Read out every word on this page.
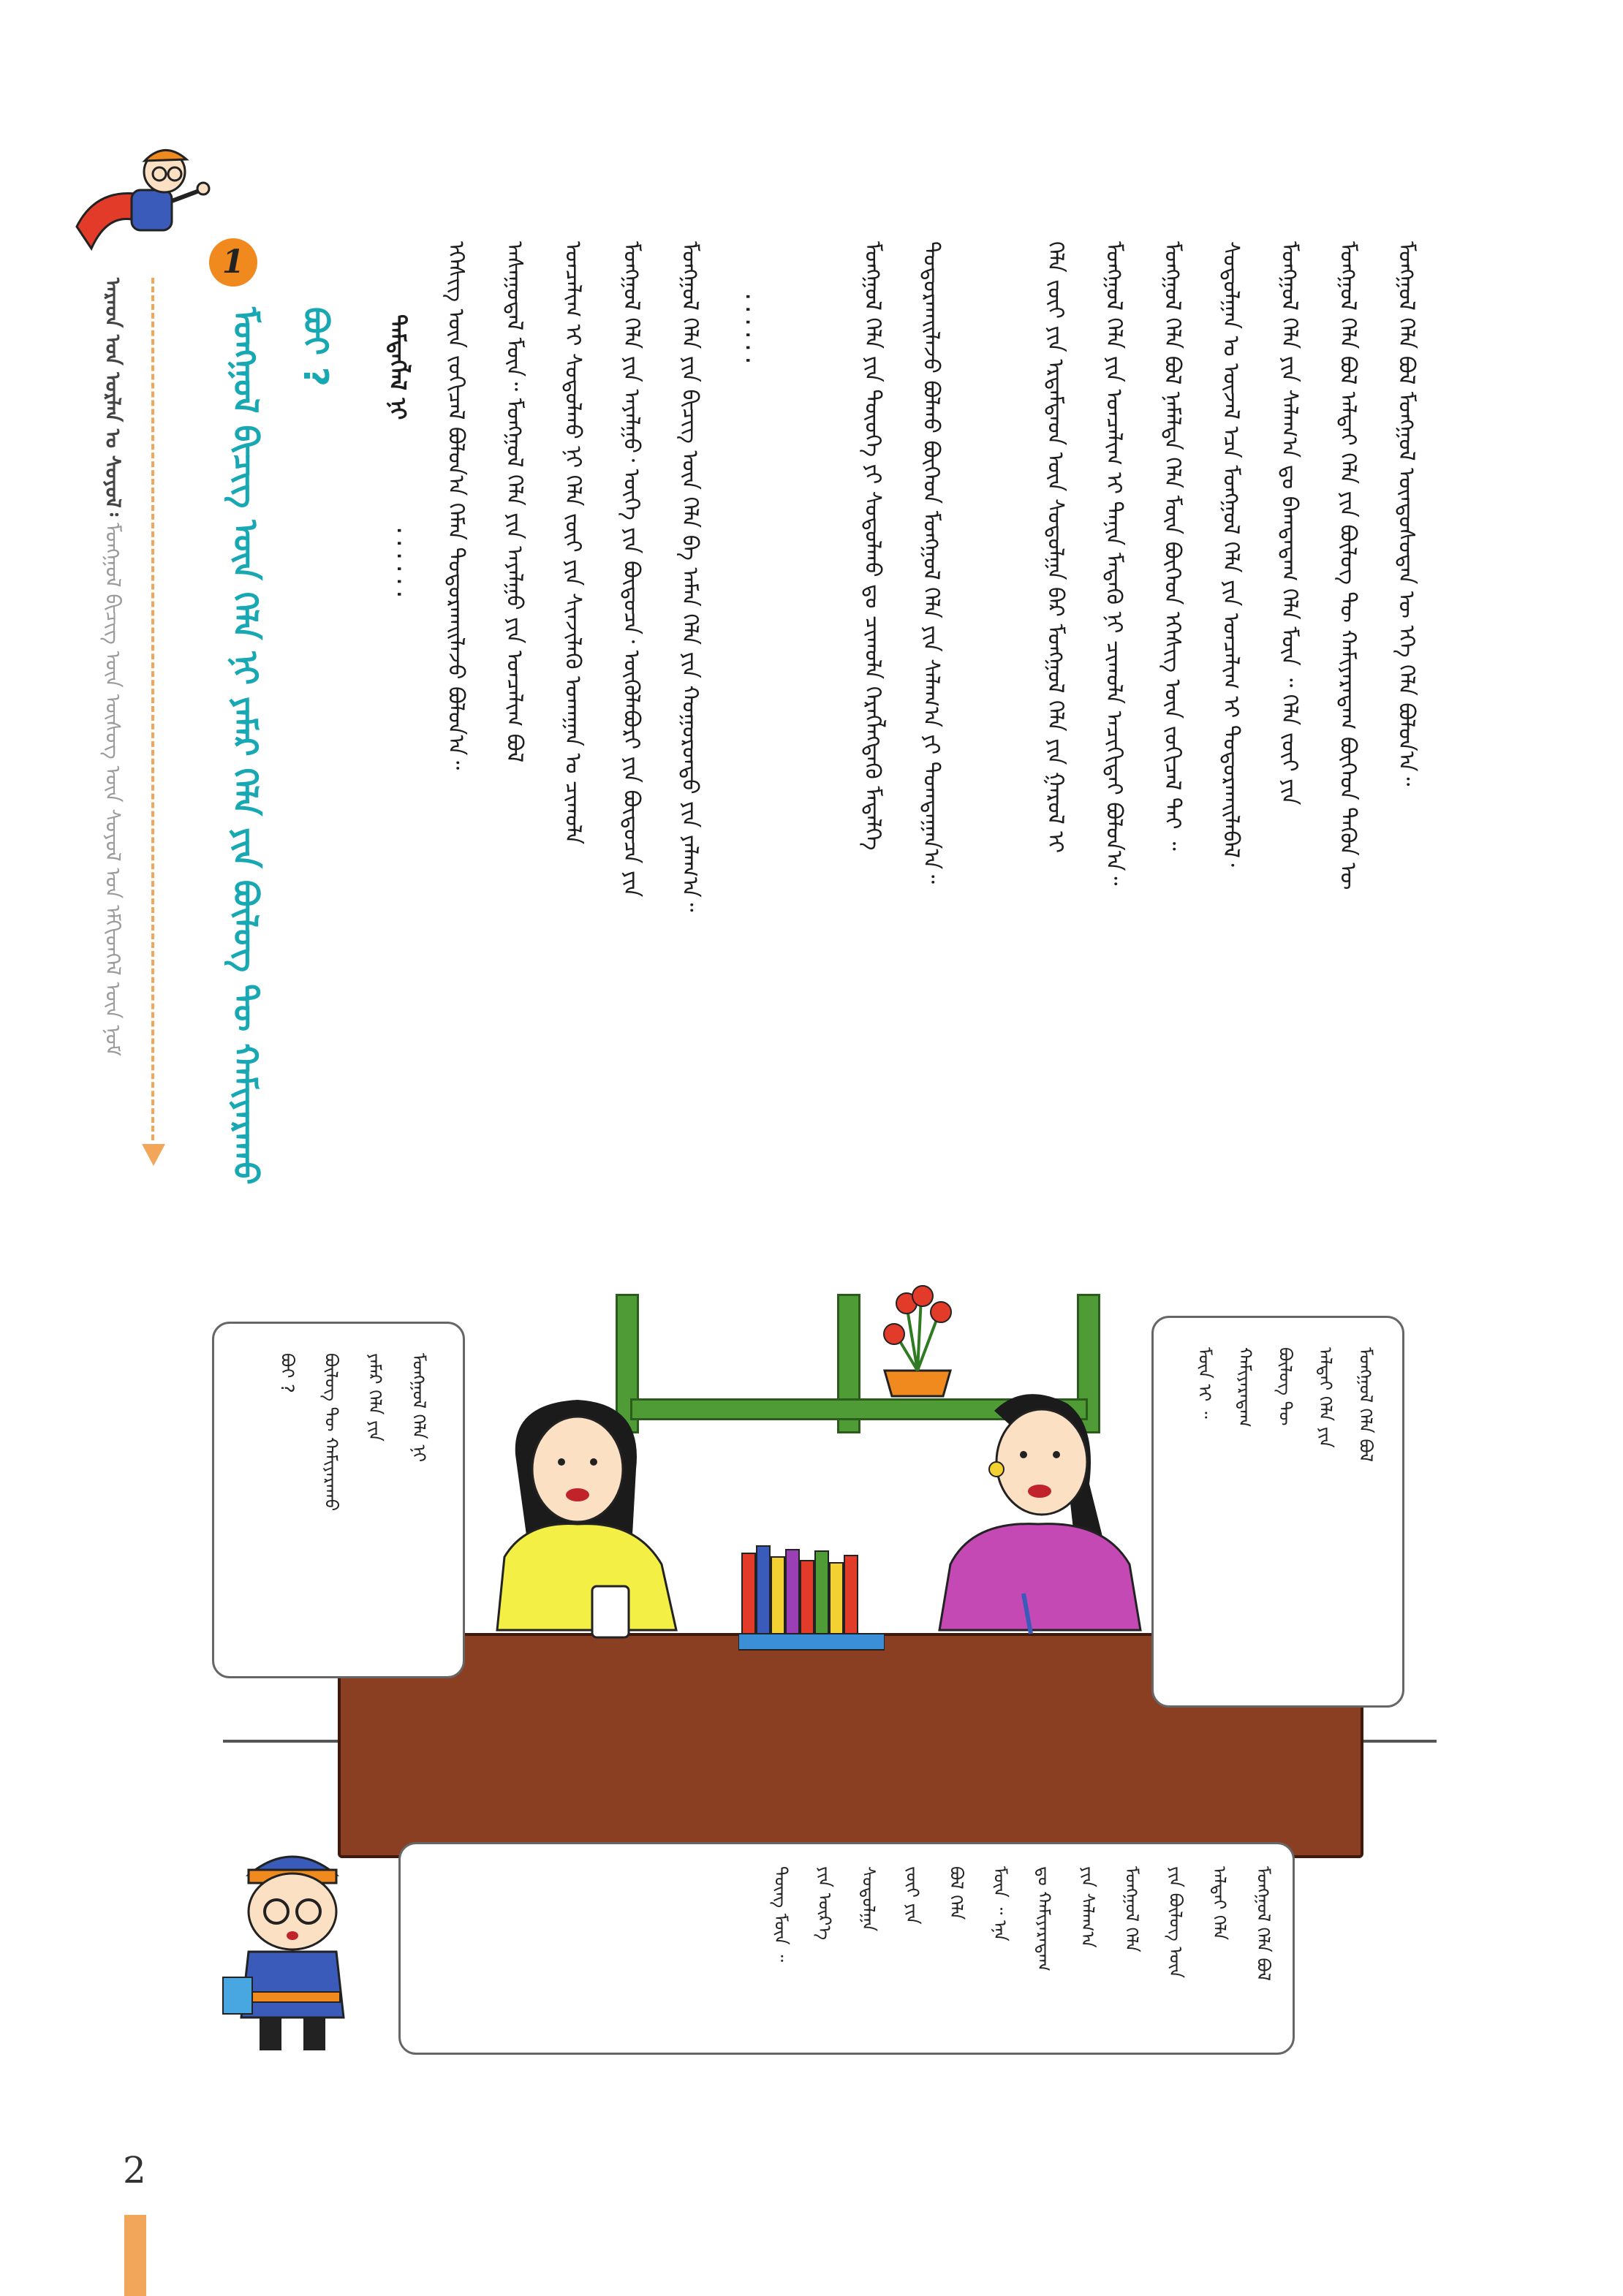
ᠠᠷᠠᠳ ᠤᠨ ᠤᠷᠯᠠᠨ ᠤ ᠰᠤᠶᠤᠯ᠄ ᠮᠣᠩᠭᠣᠯ ᠪᠢᠴᠢᠭ ᠦᠨ ᠦᠰᠦᠭ ᠦᠨ ᠰᠤᠶᠤᠯ ᠤᠨ ᠡᠮᠬᠢᠳᠬᠡᠯ ᠦᠨ ᠨᠣᠮ
1
ᠮᠣᠩᠭᠣᠯ ᠪᠢᠴᠢᠭ ᠦᠨ ᠬᠡᠯᠡ ᠨᠢ ᠶᠠᠮᠠᠷ ᠬᠡᠯᠡ ᠶᠢᠨ ᠪᠦᠯᠦᠭ ᠲᠦ ᠬᠠᠮᠢᠶᠠᠷᠠᠬᠤ ᠪᠤᠢ ?	ᠮᠣᠩᠭᠣᠯ ᠬᠡᠯᠡ ᠪᠣᠯ ᠮᠣᠩᠭᠣᠯ ᠦᠨᠳᠦᠰᠦᠲᠡᠨ ᠦ ᠡᠬᠡ ᠬᠡᠯᠡ ᠪᠣᠯᠤᠨ᠎ᠠ᠃
ᠮᠣᠩᠭᠣᠯ ᠬᠡᠯᠡ ᠪᠣᠯ ᠠᠯᠲᠠᠢ ᠬᠡᠯᠡ ᠶᠢᠨ ᠪᠦᠯᠦᠭ ᠲᠦ ᠬᠠᠮᠢᠶᠠᠷᠠᠳᠠᠭ ᠪᠥᠭᠡᠳ ᠲᠡᠭᠦᠨ ᠦ
ᠮᠣᠩᠭᠣᠯ ᠬᠡᠯᠡ ᠶᠢᠨ ᠰᠠᠯᠠᠭ᠎ᠠ ᠳᠤ ᠪᠠᠭᠲᠠᠳᠠᠭ ᠬᠡᠯᠡ ᠮᠥᠨ ᠃ ᠬᠡᠯᠡ ᠵᠦᠢ ᠶᠢᠨ
ᠰᠤᠳᠤᠯᠭᠠᠨ ᠤ ᠦᠵᠡᠯ ᠡᠴᠡ ᠮᠣᠩᠭᠣᠯ ᠬᠡᠯᠡ ᠶᠢᠨ ᠣᠨᠴᠠᠯᠢᠭ ᠢ ᠲᠣᠳᠣᠷᠬᠠᠢᠯᠠᠪᠠᠯ᠂
ᠮᠣᠩᠭᠣᠯ ᠬᠡᠯᠡ ᠪᠣᠯ ᠨᠡᠮᠡᠯᠲᠡ ᠬᠡᠯᠡ ᠮᠥᠨ ᠪᠥᠭᠡᠳ ᠡᠭᠡᠰᠢᠭ ᠦᠨ ᠵᠣᠬᠢᠴᠠᠯ ᠲᠠᠢ ᠃
ᠮᠣᠩᠭᠣᠯ ᠬᠡᠯᠡ ᠶᠢᠨ ᠣᠨᠴᠠᠯᠢᠭ ᠢ ᠲᠠᠨᠢᠨ ᠮᠡᠳᠡᠬᠦ ᠨᠢ ᠴᠢᠬᠤᠯᠠ ᠠᠴᠢᠬᠢᠲᠠᠢ ᠪᠣᠯᠤᠨ᠎ᠠ᠃
ᠬᠡᠯᠡ ᠵᠦᠢ ᠶᠢᠨ ᠡᠷᠳᠡᠮᠲᠡᠳ ᠦᠨ ᠰᠤᠳᠤᠯᠭᠠ ᠪᠡᠷ ᠮᠣᠩᠭᠣᠯ ᠬᠡᠯᠡ ᠶᠢᠨ ᠭᠠᠷᠤᠯ ᠢ
ᠲᠣᠳᠣᠷᠬᠠᠢᠯᠠᠵᠤ ᠪᠣᠯᠬᠤ ᠪᠥᠭᠡᠳ ᠮᠣᠩᠭᠣᠯ ᠬᠡᠯᠡ ᠶᠢᠨ ᠰᠠᠯᠠᠭ᠎ᠠ ᠶᠢ ᠲᠣᠭᠲᠠᠭᠠᠨ᠎ᠠ᠃
ᠮᠣᠩᠭᠣᠯ ᠬᠡᠯᠡ ᠶᠢᠨ ᠲᠦᠦᠬᠡ ᠶᠢ ᠰᠤᠳᠤᠯᠬᠤ ᠳᠤ ᠴᠢᠬᠤᠯᠠ ᠬᠡᠷᠡᠭᠯᠡᠭᠳᠡᠬᠦ ᠮᠡᠳᠡᠯᠭᠡ
......
ᠮᠣᠩᠭᠣᠯ ᠬᠡᠯᠡ ᠶᠢᠨ ᠪᠢᠴᠢᠭ ᠦᠨ ᠬᠡᠯᠡ ᠪᠠ ᠠᠮᠠᠨ ᠬᠡᠯᠡ ᠶᠢᠨ ᠬᠣᠭᠣᠷᠣᠨᠳᠤ ᠶᠢᠨ ᠶᠠᠯᠠᠭ᠎ᠠ᠃
ᠮᠣᠩᠭᠣᠯ ᠬᠡᠯᠡ ᠶᠢᠨ ᠠᠶᠠᠯᠭᠤ᠂ ᠦᠭᠡ ᠶᠢᠨ ᠪᠦᠲᠦᠴᠡ᠂ ᠦᠭᠦᠯᠡᠪᠦᠷᠢ ᠶᠢᠨ ᠪᠦᠲᠦᠴᠡ ᠶᠢᠨ
ᠣᠨᠴᠠᠯᠢᠭ ᠢ ᠰᠤᠳᠤᠯᠬᠤ ᠨᠢ ᠬᠡᠯᠡ ᠵᠦᠢ ᠶᠢᠨ ᠰᠢᠨᠵᠢᠯᠡᠬᠦ ᠤᠬᠠᠭᠠᠨ ᠤ ᠴᠢᠬᠤᠯᠠ
ᠠᠰᠠᠭᠤᠳᠠᠯ ᠮᠥᠨ᠃ ᠮᠣᠩᠭᠣᠯ ᠬᠡᠯᠡ ᠶᠢᠨ ᠠᠶᠠᠯᠭᠤ ᠶᠢᠨ ᠣᠨᠴᠠᠯᠢᠭ ᠪᠣᠯ
ᠡᠭᠡᠰᠢᠭ ᠦᠨ ᠵᠣᠬᠢᠴᠠᠯ ᠪᠣᠯᠤᠨ᠎ᠠ ᠬᠡᠮᠡᠨ ᠲᠣᠳᠣᠷᠬᠠᠢᠯᠠᠵᠤ ᠪᠣᠯᠤᠨ᠎ᠠ᠃
ᠲᠡᠮᠳᠡᠭᠯᠡᠯ ᠨᠢ
......
ᠮᠣᠩᠭᠣᠯ ᠬᠡᠯᠡ ᠨᠢ
ᠶᠠᠮᠠᠷ ᠬᠡᠯᠡ ᠶᠢᠨ
ᠪᠦᠯᠦᠭ ᠲᠦ ᠬᠠᠮᠢᠶᠠᠷᠠᠬᠤ
ᠪᠤᠢ ?	ᠮᠣᠩᠭᠣᠯ ᠬᠡᠯᠡ ᠪᠣᠯ
ᠠᠯᠲᠠᠢ ᠬᠡᠯᠡ ᠶᠢᠨ
ᠪᠦᠯᠦᠭ ᠲᠦ
ᠬᠠᠮᠢᠶᠠᠷᠠᠳᠠᠭ
ᠮᠥᠨ ᠢ ᠃
ᠮᠣᠩᠭᠣᠯ ᠬᠡᠯᠡ ᠪᠣᠯ
ᠠᠯᠲᠠᠢ ᠬᠡᠯᠡ
ᠶᠢᠨ ᠪᠦᠯᠦᠭ ᠦᠨ
ᠮᠣᠩᠭᠣᠯ ᠬᠡᠯᠡ
ᠶᠢᠨ ᠰᠠᠯᠠᠭ᠎ᠠ
ᠳᠤ ᠬᠠᠮᠢᠶᠠᠷᠠᠳᠠᠭ
ᠮᠥᠨ ᠃ ᠡᠨᠡ
ᠪᠣᠯ ᠬᠡᠯᠡ
ᠵᠦᠢ ᠶᠢᠨ
ᠰᠤᠳᠤᠯᠭᠠ
ᠶᠢᠨ ᠦᠷ᠎ᠡ
ᠳᠦᠩ ᠮᠥᠨ ᠃
2
